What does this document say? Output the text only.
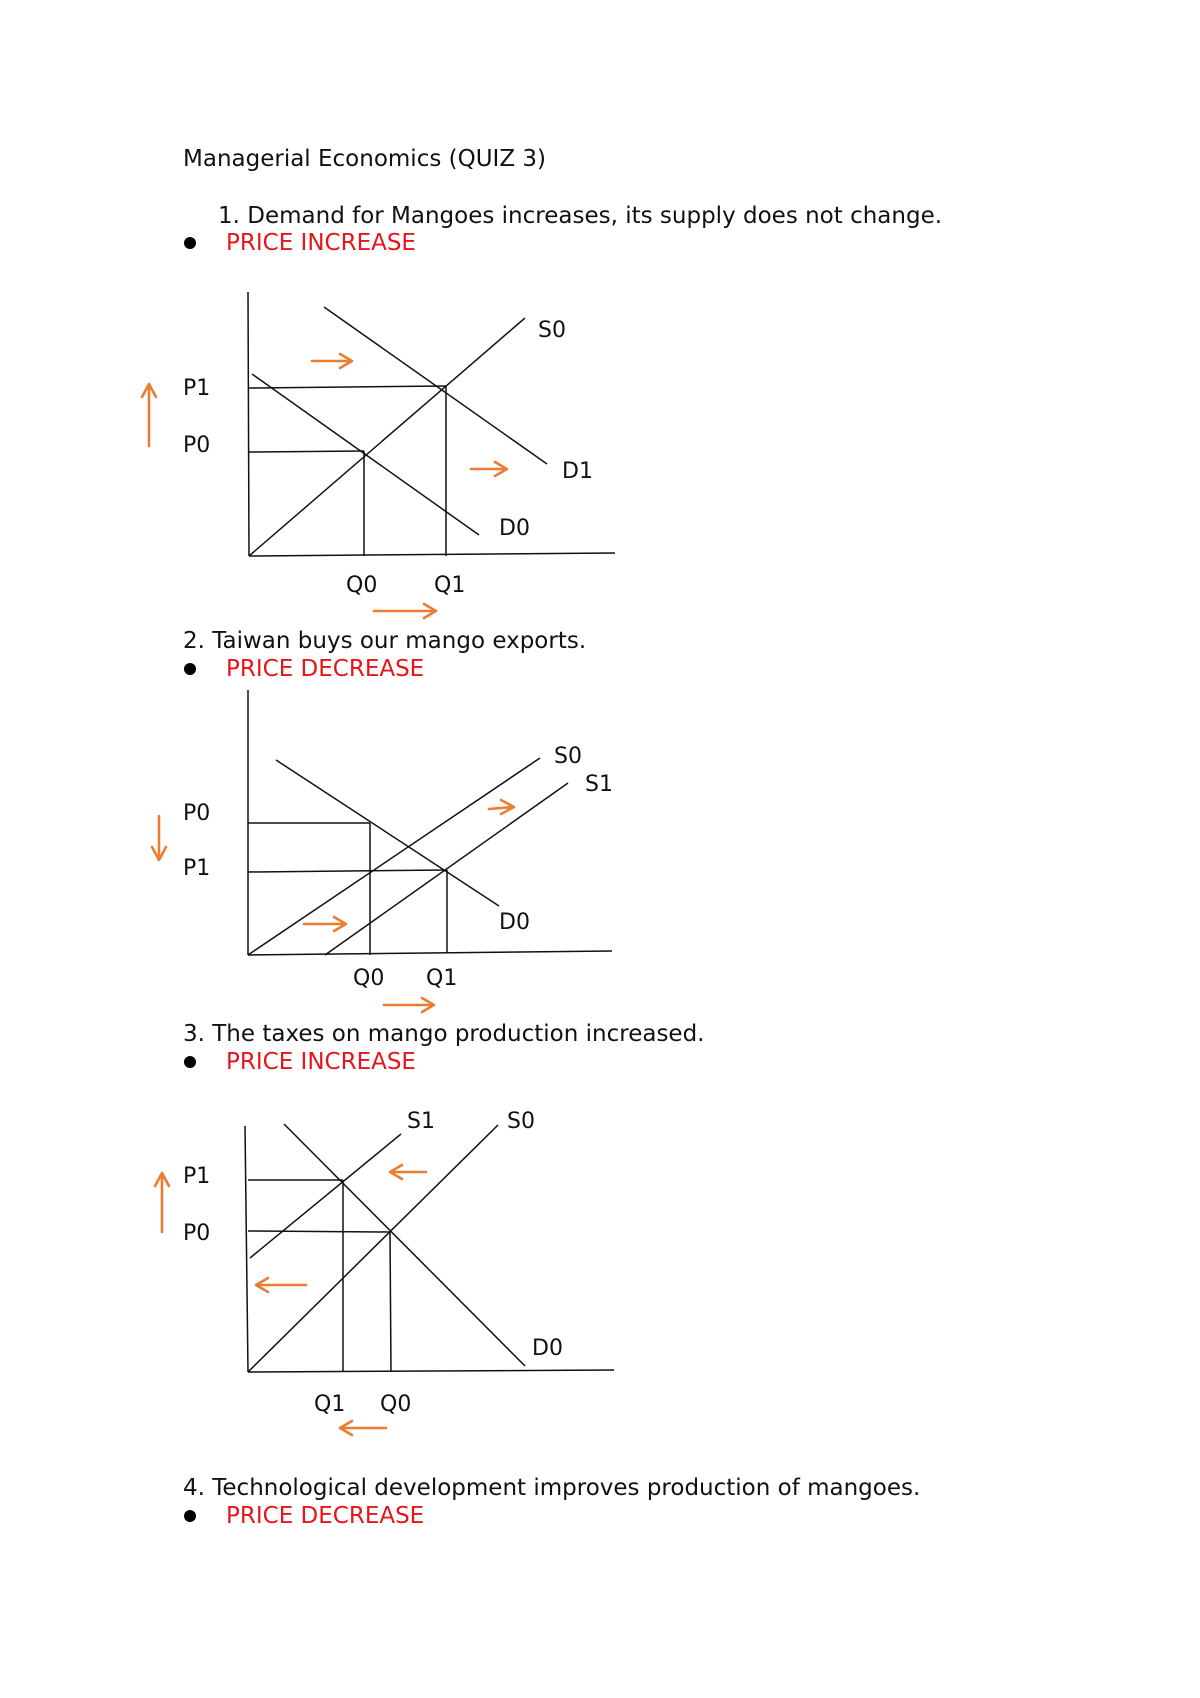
Managerial Economics (QUIZ 3)
1. Demand for Mangoes increases, its supply does not change.
PRICE INCREASE
S0
D1
D0
P1
P0
Q0	Q1
2. Taiwan buys our mango exports.
PRICE DECREASE
S0
S1
D0
P0
P1
Q0 Q1
3. The taxes on mango production increased.
PRICE INCREASE
S1	S0
D0
P1
P0
Q1 Q0
4. Technological development improves production of mangoes.
PRICE DECREASE
